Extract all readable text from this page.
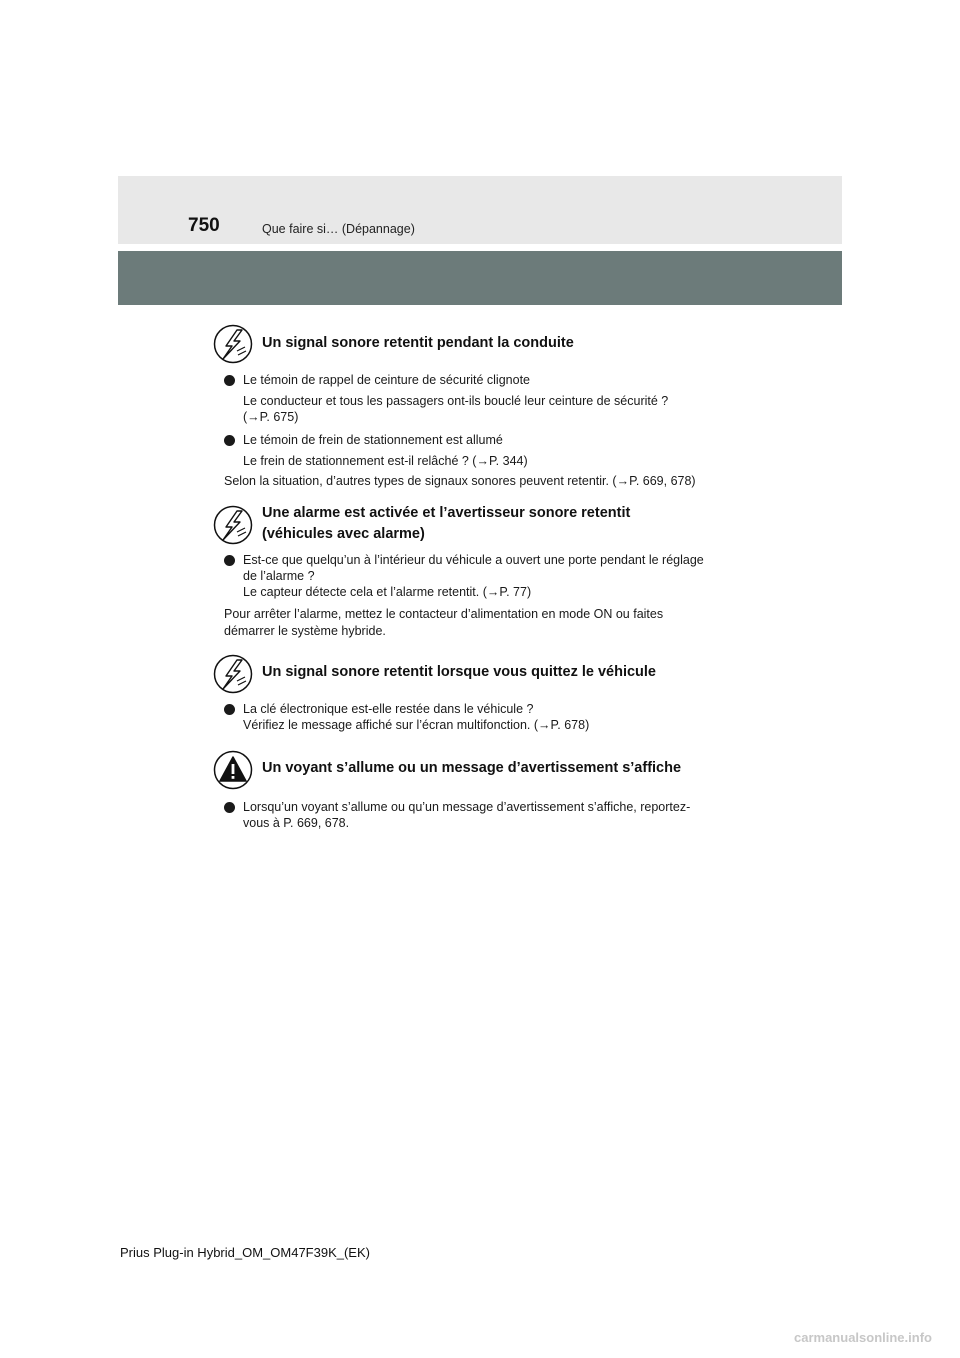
750	Que faire si… (Dépannage)
Un signal sonore retentit pendant la conduite
Le témoin de rappel de ceinture de sécurité clignote
Le conducteur et tous les passagers ont-ils bouclé leur ceinture de sécurité ?
(→P. 675)
Le témoin de frein de stationnement est allumé
Le frein de stationnement est-il relâché ? (→P. 344)
Selon la situation, d’autres types de signaux sonores peuvent retentir. (→P. 669, 678)
Une alarme est activée et l’avertisseur sonore retentit
(véhicules avec alarme)
Est-ce que quelqu’un à l’intérieur du véhicule a ouvert une porte pendant le réglage
de l’alarme ?
Le capteur détecte cela et l’alarme retentit. (→P. 77)
Pour arrêter l’alarme, mettez le contacteur d’alimentation en mode ON ou faites
démarrer le système hybride.
Un signal sonore retentit lorsque vous quittez le véhicule
La clé électronique est-elle restée dans le véhicule ?
Vérifiez le message affiché sur l’écran multifonction. (→P. 678)
Un voyant s’allume ou un message d’avertissement s’affiche
Lorsqu’un voyant s’allume ou qu’un message d’avertissement s’affiche, reportez-
vous à P. 669, 678.
Prius Plug-in Hybrid_OM_OM47F39K_(EK)
carmanualsonline.info
